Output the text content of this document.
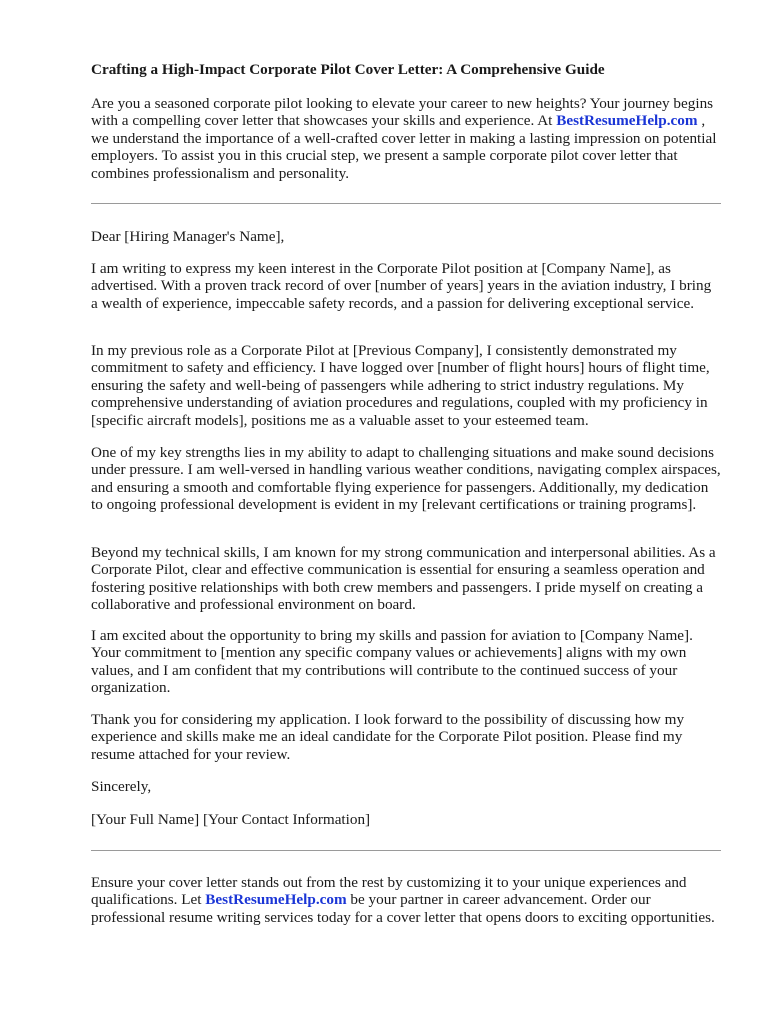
Crafting a High-Impact Corporate Pilot Cover Letter: A Comprehensive Guide

Are you a seasoned corporate pilot looking to elevate your career to new heights? Your journey begins with a compelling cover letter that showcases your skills and experience. At BestResumeHelp.com , we understand the importance of a well-crafted cover letter in making a lasting impression on potential employers. To assist you in this crucial step, we present a sample corporate pilot cover letter that combines professionalism and personality.

Dear [Hiring Manager's Name],

I am writing to express my keen interest in the Corporate Pilot position at [Company Name], as advertised. With a proven track record of over [number of years] years in the aviation industry, I bring a wealth of experience, impeccable safety records, and a passion for delivering exceptional service.

In my previous role as a Corporate Pilot at [Previous Company], I consistently demonstrated my commitment to safety and efficiency. I have logged over [number of flight hours] hours of flight time, ensuring the safety and well-being of passengers while adhering to strict industry regulations. My comprehensive understanding of aviation procedures and regulations, coupled with my proficiency in [specific aircraft models], positions me as a valuable asset to your esteemed team.

One of my key strengths lies in my ability to adapt to challenging situations and make sound decisions under pressure. I am well-versed in handling various weather conditions, navigating complex airspaces, and ensuring a smooth and comfortable flying experience for passengers. Additionally, my dedication to ongoing professional development is evident in my [relevant certifications or training programs].

Beyond my technical skills, I am known for my strong communication and interpersonal abilities. As a Corporate Pilot, clear and effective communication is essential for ensuring a seamless operation and fostering positive relationships with both crew members and passengers. I pride myself on creating a collaborative and professional environment on board.

I am excited about the opportunity to bring my skills and passion for aviation to [Company Name]. Your commitment to [mention any specific company values or achievements] aligns with my own values, and I am confident that my contributions will contribute to the continued success of your organization.

Thank you for considering my application. I look forward to the possibility of discussing how my experience and skills make me an ideal candidate for the Corporate Pilot position. Please find my resume attached for your review.

Sincerely,

[Your Full Name] [Your Contact Information]

Ensure your cover letter stands out from the rest by customizing it to your unique experiences and qualifications. Let BestResumeHelp.com be your partner in career advancement. Order our professional resume writing services today for a cover letter that opens doors to exciting opportunities.
